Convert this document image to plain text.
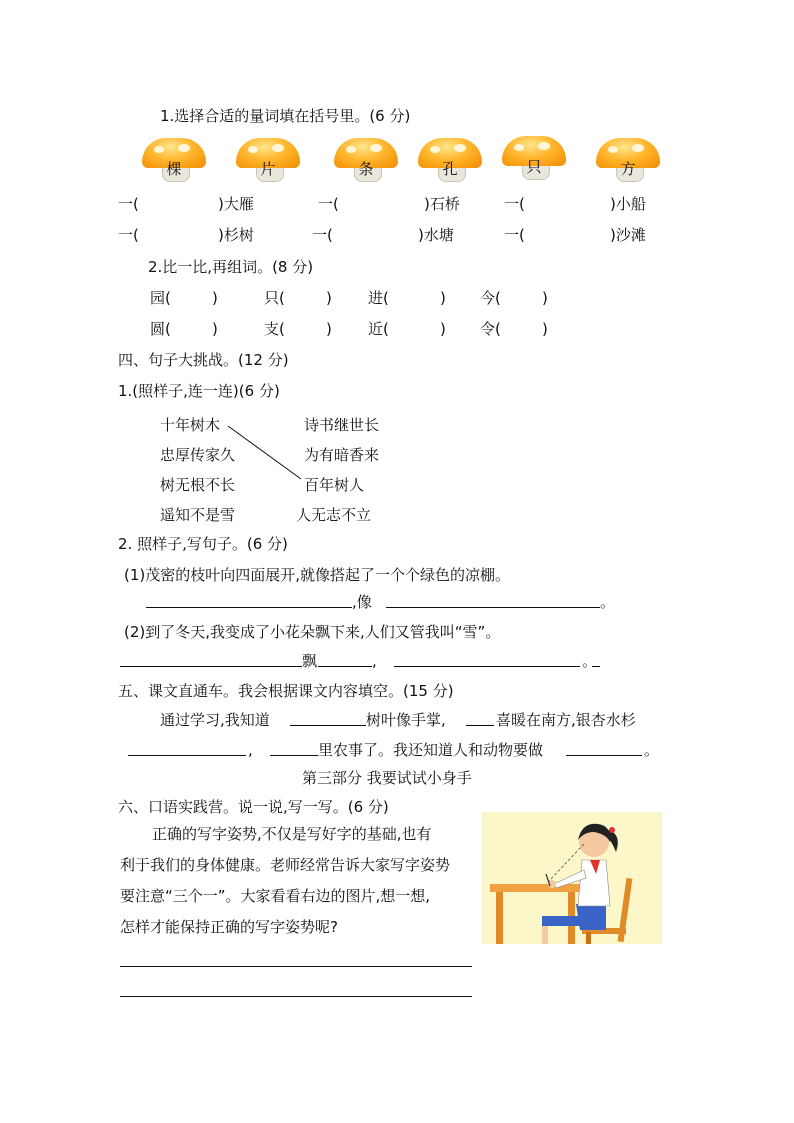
1.选择合适的量词填在括号里。(6 分)
棵	片	条	孔	只	方
一(	)大雁	一(	)石桥	一(	)小船
一(	)杉树	一(	)水塘	一(	)沙滩
2.比一比,再组词。(8 分)
园(	)	只(	) 进(	) 今(	)
圆(	)	支(	) 近(	) 令(	)
四、句子大挑战。(12 分)
1.(照样子,连一连)(6 分)
十年树木
忠厚传家久
树无根不长
遥知不是雪
诗书继世长
为有暗香来
百年树人
人无志不立
2. 照样子,写句子。(6 分)
(1)茂密的枝叶向四面展开,就像搭起了一个个绿色的凉棚。
,像	。
(2)到了冬天,我变成了小花朵飘下来,人们又管我叫“雪”。
飘	,	。
五、课文直通车。我会根据课文内容填空。(15 分)
通过学习,我知道	树叶像手掌,	喜暖在南方,银杏水杉
,	里农事了。我还知道人和动物要做	。
第三部分 我要试试小身手
六、口语实践营。说一说,写一写。(6 分)
正确的写字姿势,不仅是写好字的基础,也有
利于我们的身体健康。老师经常告诉大家写字姿势
要注意“三个一”。大家看看右边的图片,想一想,
怎样才能保持正确的写字姿势呢?
